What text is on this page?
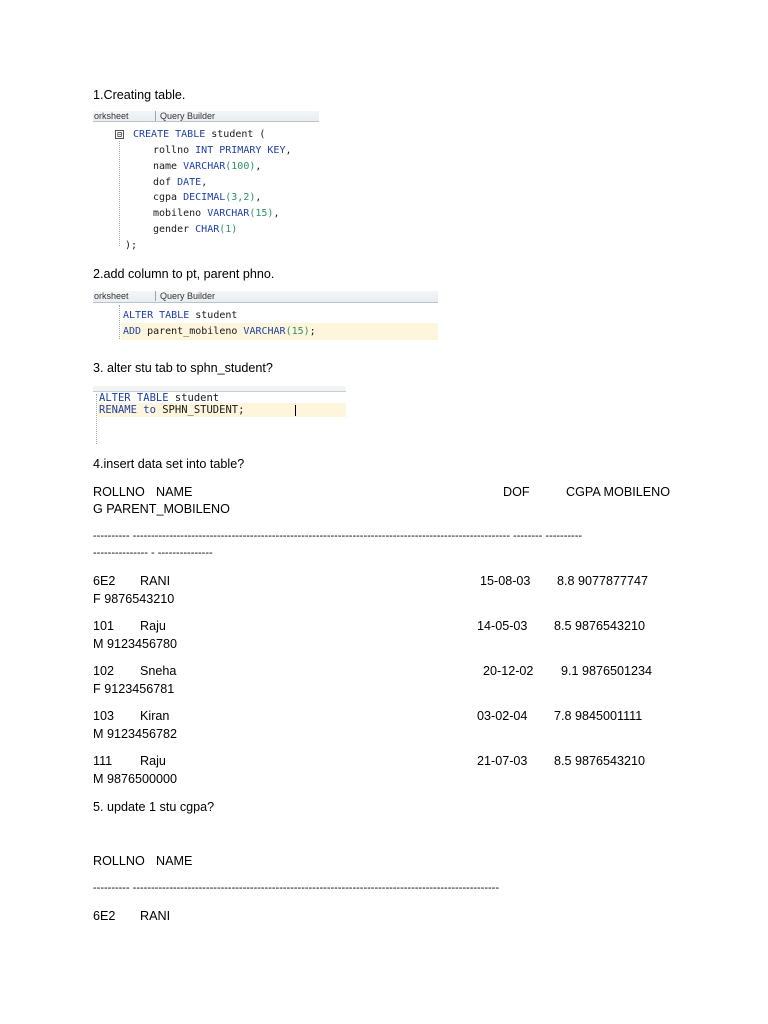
1.Creating table.
orksheet	Query Builder
⊟ CREATE TABLE student (
rollno INT PRIMARY KEY,
name VARCHAR(100),
dof DATE,
cgpa DECIMAL(3,2),
mobileno VARCHAR(15),
gender CHAR(1)
);
2.add column to pt, parent phno.
orksheet	Query Builder
ALTER TABLE student
ADD parent_mobileno VARCHAR(15);
3. alter stu tab to sphn_student?
ALTER TABLE student
RENAME to SPHN_STUDENT;
4.insert data set into table?
ROLLNO NAME	DOF	CGPA MOBILENO
G PARENT_MOBILENO
---------- ------------------------------------------------------------------------------------------------------- -------- ----------
--------------- - ---------------
6E2 RANI	15-08-03 8.8 9077877747
F 9876543210
101 Raju	14-05-03 8.5 9876543210
M 9123456780
102 Sneha	20-12-02 9.1 9876501234
F 9123456781
103 Kiran	03-02-04 7.8 9845001111
M 9123456782
111 Raju	21-07-03 8.5 9876543210
M 9876500000
5. update 1 stu cgpa?
ROLLNO NAME
---------- ----------------------------------------------------------------------------------------------------
6E2 RANI
